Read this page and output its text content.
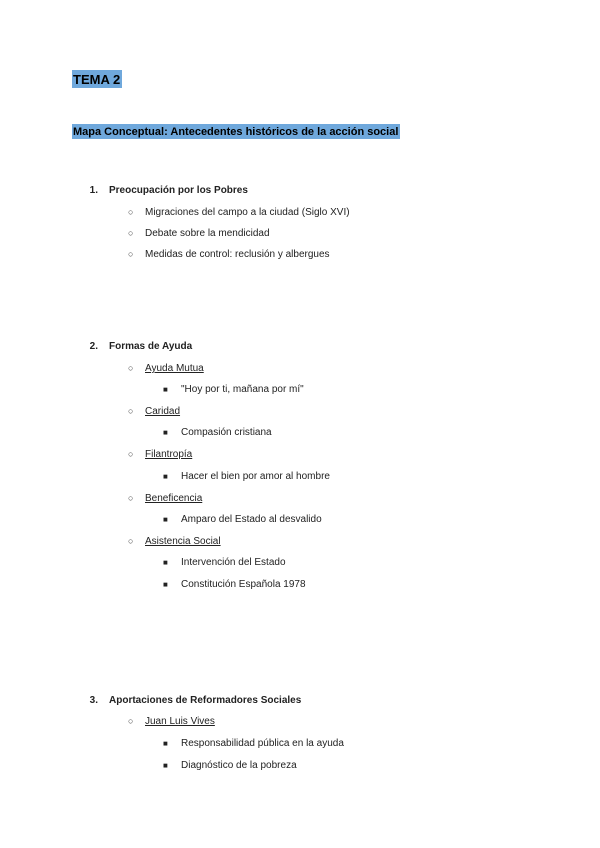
TEMA 2
Mapa Conceptual: Antecedentes históricos de la acción social
1. Preocupación por los Pobres
○ Migraciones del campo a la ciudad (Siglo XVI)
○ Debate sobre la mendicidad
○ Medidas de control: reclusión y albergues
2. Formas de Ayuda
○ Ayuda Mutua
■ "Hoy por ti, mañana por mí"
○ Caridad
■ Compasión cristiana
○ Filantropía
■ Hacer el bien por amor al hombre
○ Beneficencia
■ Amparo del Estado al desvalido
○ Asistencia Social
■ Intervención del Estado
■ Constitución Española 1978
3. Aportaciones de Reformadores Sociales
○ Juan Luis Vives
■ Responsabilidad pública en la ayuda
■ Diagnóstico de la pobreza
